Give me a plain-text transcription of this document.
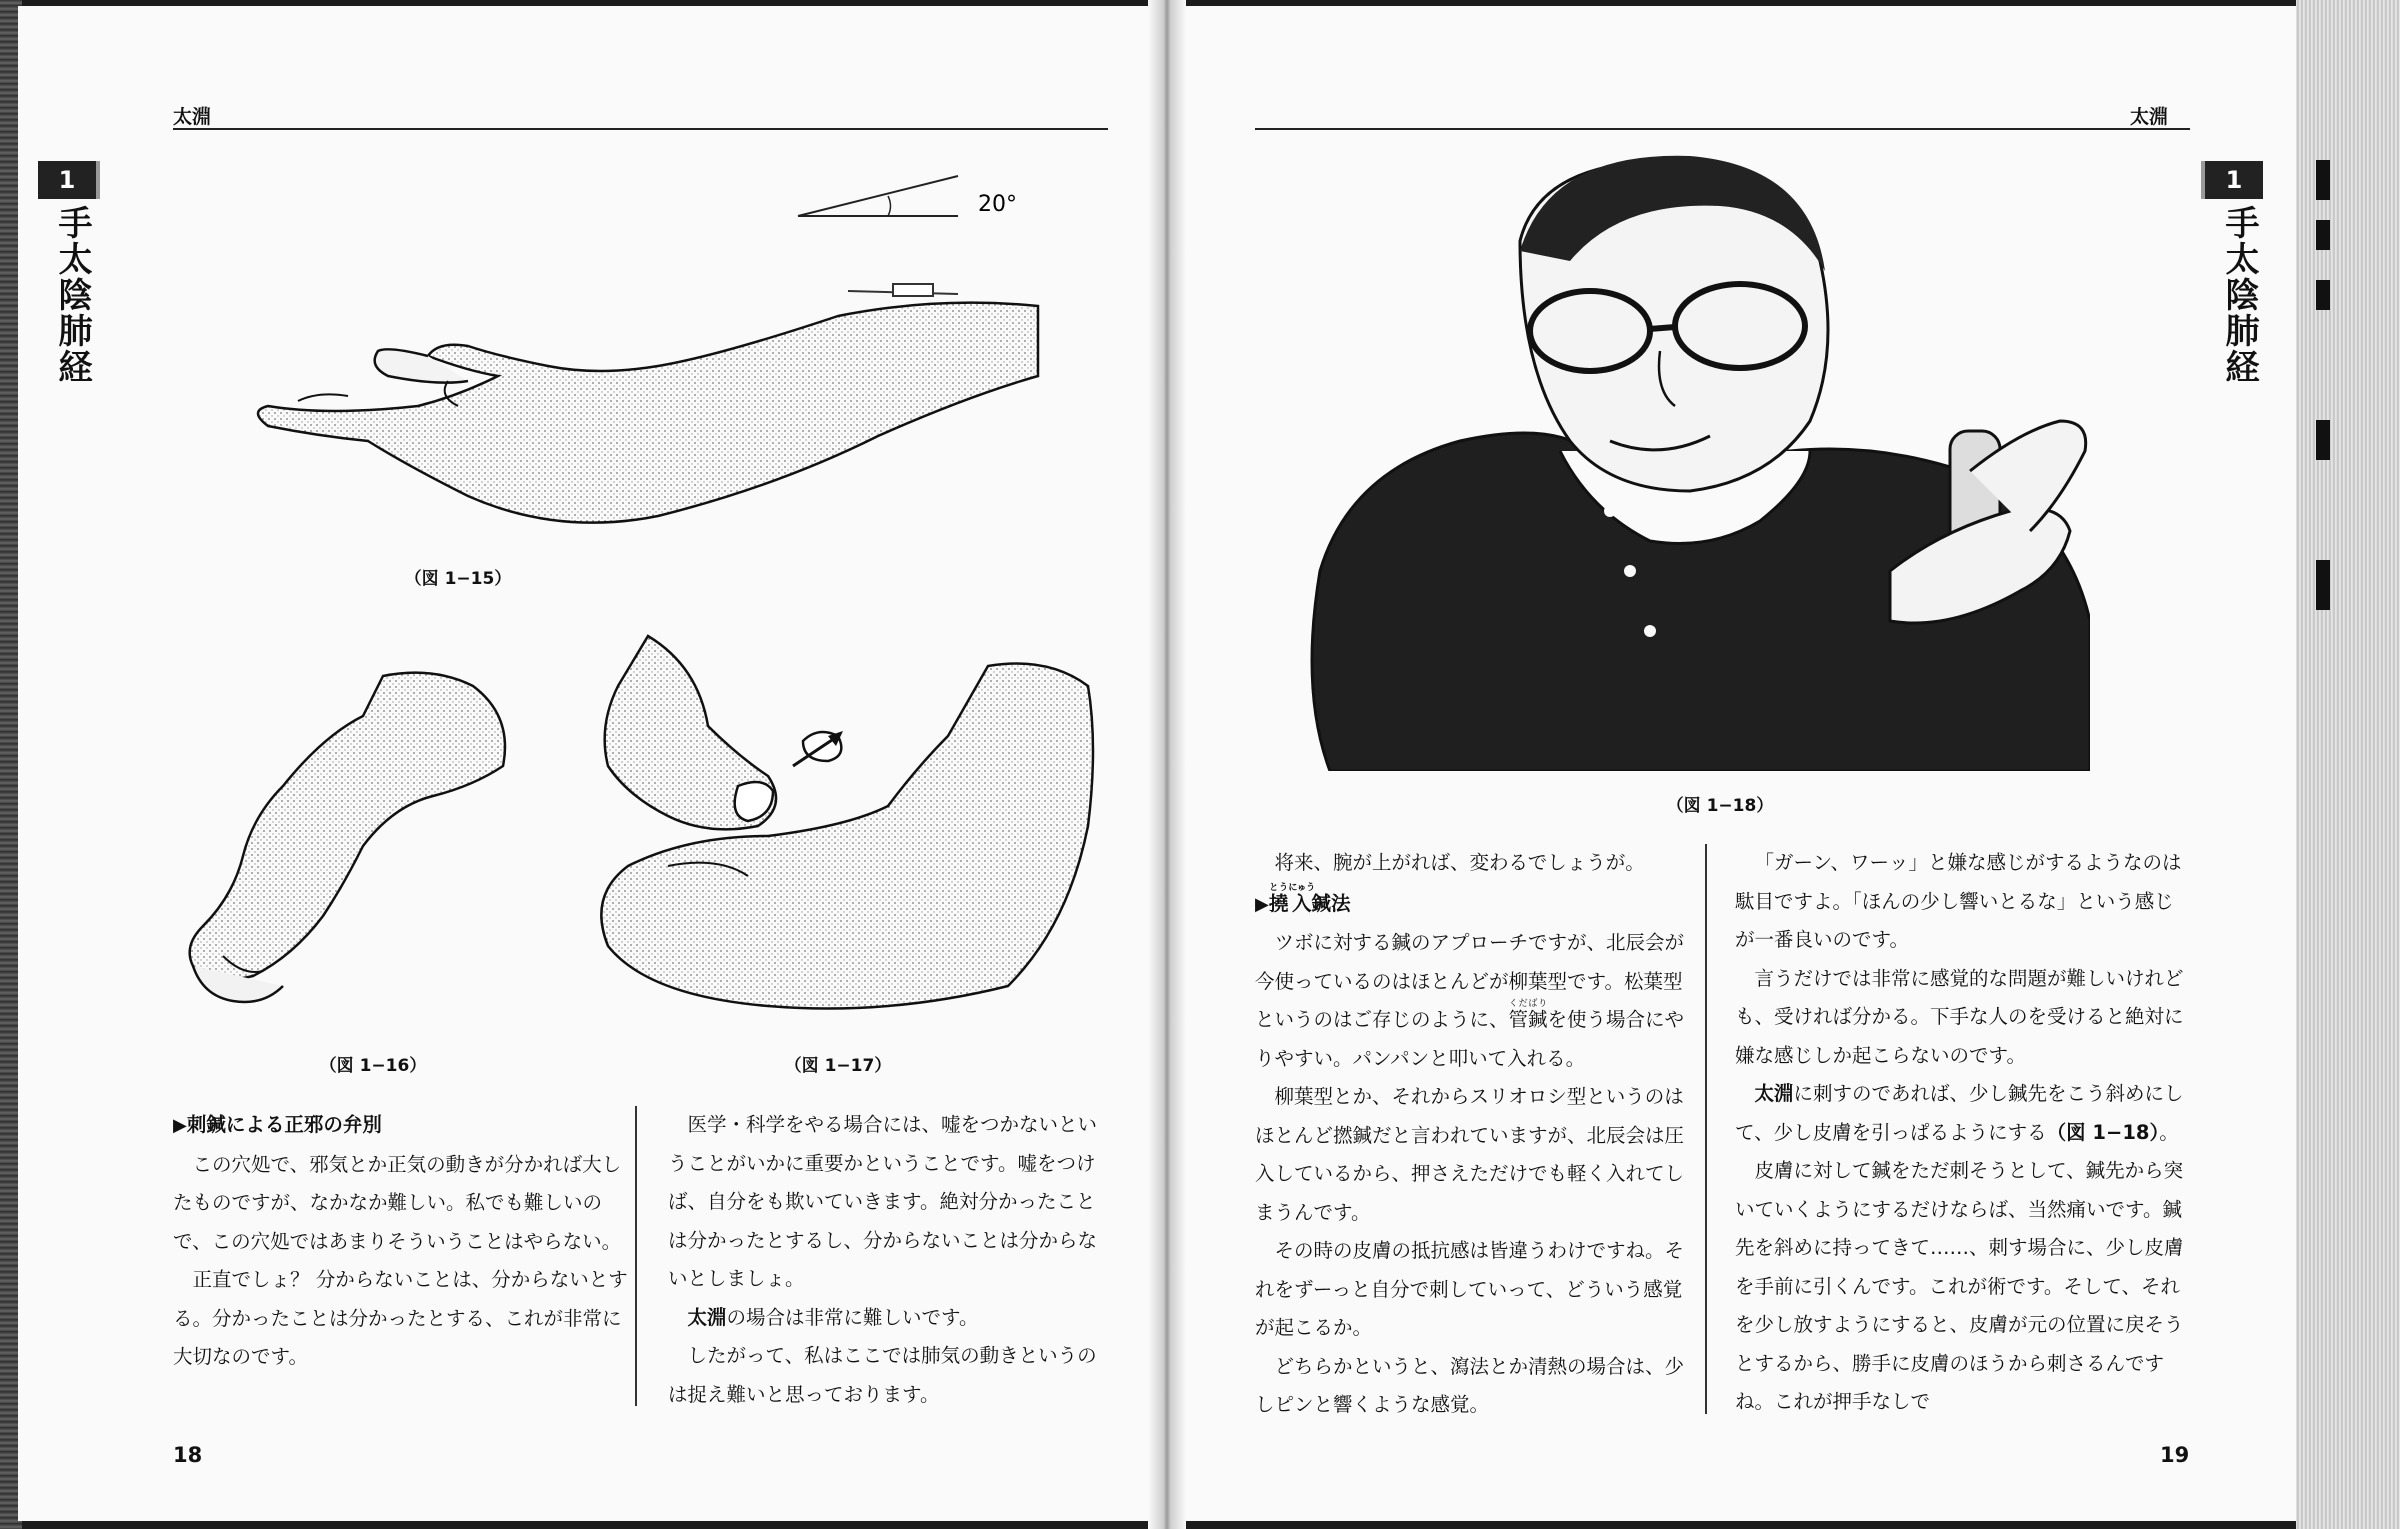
太淵
1
手太陰肺経
20°
（図 1−15）
（図 1−16）	（図 1−17）

▶刺鍼による正邪の弁別

この穴処で、邪気とか正気の動きが分かれば大したものですが、なかなか難しい。私でも難しいので、この穴処ではあまりそういうことはやらない。

正直でしょ？ 分からないことは、分からないとする。分かったことは分かったとする、これが非常に大切なのです。

医学・科学をやる場合には、嘘をつかないということがいかに重要かということです。嘘をつけば、自分をも欺いていきます。絶対分かったことは分かったとするし、分からないことは分からないとしましょ。

太淵の場合は非常に難しいです。

したがって、私はここでは肺気の動きというのは捉え難いと思っております。

18
太淵
1
手太陰肺経
（図 1−18）

将来、腕が上がれば、変わるでしょうが。

▶撓とう入にゅう鍼法

ツボに対する鍼のアプローチですが、北辰会が今使っているのはほとんどが柳葉型です。松葉型というのはご存じのように、管鍼くだばりを使う場合にやりやすい。パンパンと叩いて入れる。

柳葉型とか、それからスリオロシ型というのはほとんど撚鍼だと言われていますが、北辰会は圧入しているから、押さえただけでも軽く入れてしまうんです。

その時の皮膚の抵抗感は皆違うわけですね。それをずーっと自分で刺していって、どういう感覚が起こるか。

どちらかというと、瀉法とか清熱の場合は、少しピンと響くような感覚。

「ガーン、ワーッ」と嫌な感じがするようなのは駄目ですよ。「ほんの少し響いとるな」という感じが一番良いのです。

言うだけでは非常に感覚的な問題が難しいけれども、受ければ分かる。下手な人のを受けると絶対に嫌な感じしか起こらないのです。

太淵に刺すのであれば、少し鍼先をこう斜めにして、少し皮膚を引っぱるようにする（図 1−18）。

皮膚に対して鍼をただ刺そうとして、鍼先から突いていくようにするだけならば、当然痛いです。鍼先を斜めに持ってきて……、刺す場合に、少し皮膚を手前に引くんです。これが術です。そして、それを少し放すようにすると、皮膚が元の位置に戻そうとするから、勝手に皮膚のほうから刺さるんですね。これが押手なしで

19
